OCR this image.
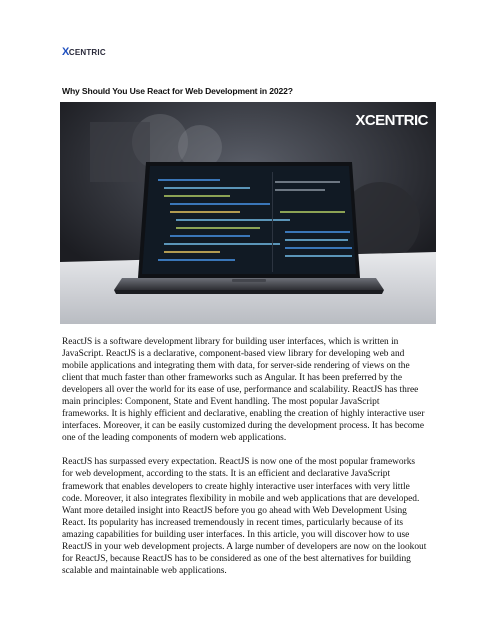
X CENTRIC
Why Should You Use React for Web Development in 2022?
XCENTRIC

ReactJS is a software development library for building user interfaces, which is written in
JavaScript. ReactJS is a declarative, component-based view library for developing web and
mobile applications and integrating them with data, for server-side rendering of views on the
client that much faster than other frameworks such as Angular. It has been preferred by the
developers all over the world for its ease of use, performance and scalability. ReactJS has three
main principles: Component, State and Event handling. The most popular JavaScript
frameworks. It is highly efficient and declarative, enabling the creation of highly interactive user
interfaces. Moreover, it can be easily customized during the development process. It has become
one of the leading components of modern web applications.

ReactJS has surpassed every expectation. ReactJS is now one of the most popular frameworks
for web development, according to the stats. It is an efficient and declarative JavaScript
framework that enables developers to create highly interactive user interfaces with very little
code. Moreover, it also integrates flexibility in mobile and web applications that are developed.
Want more detailed insight into ReactJS before you go ahead with Web Development Using
React. Its popularity has increased tremendously in recent times, particularly because of its
amazing capabilities for building user interfaces. In this article, you will discover how to use
ReactJS in your web development projects. A large number of developers are now on the lookout
for ReactJS, because ReactJS has to be considered as one of the best alternatives for building
scalable and maintainable web applications.
